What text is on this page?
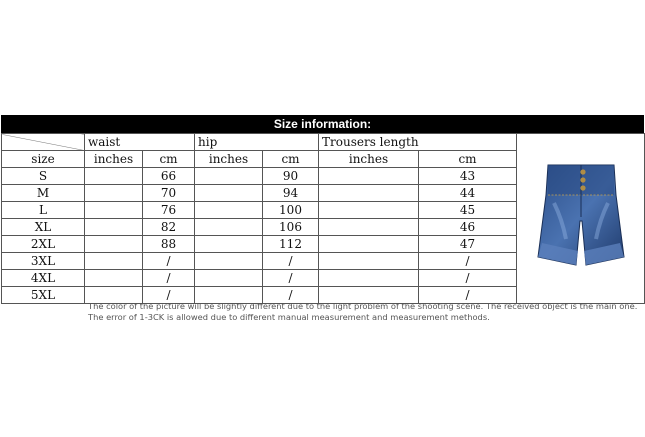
Size information:
	waist		hip		Trousers length	

size	inches	cm	inches	cm	inches	cm	
S		66		90		43	
M		70		94		44	
L		76		100		45	
XL		82		106		46	
2XL		88		112		47	
3XL		/		/		/	
4XL		/		/		/	
5XL		/		/		/	
The color of the picture will be slightly different due to the light problem of the shooting scene. The received object is the main one. The error of 1-3CK is allowed due to different manual measurement and measurement methods.
